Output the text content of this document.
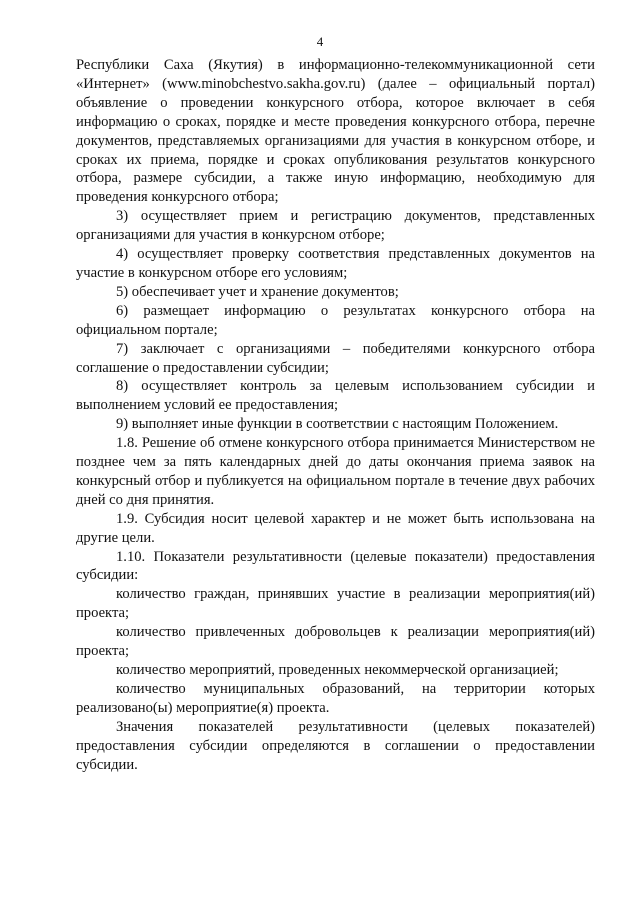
4

Республики Саха (Якутия) в информационно-телекоммуникационной сети «Интернет» (www.minobchestvo.sakha.gov.ru) (далее – официальный портал) объявление о проведении конкурсного отбора, которое включает в себя информацию о сроках, порядке и месте проведения конкурсного отбора, перечне документов, представляемых организациями для участия в конкурсном отборе, и сроках их приема, порядке и сроках опубликования результатов конкурсного отбора, размере субсидии, а также иную информацию, необходимую для проведения конкурсного отбора;

3) осуществляет прием и регистрацию документов, представленных организациями для участия в конкурсном отборе;

4) осуществляет проверку соответствия представленных документов на участие в конкурсном отборе его условиям;

5) обеспечивает учет и хранение документов;

6) размещает информацию о результатах конкурсного отбора на официальном портале;

7) заключает с организациями – победителями конкурсного отбора соглашение о предоставлении субсидии;

8) осуществляет контроль за целевым использованием субсидии и выполнением условий ее предоставления;

9) выполняет иные функции в соответствии с настоящим Положением.

1.8. Решение об отмене конкурсного отбора принимается Министерством не позднее чем за пять календарных дней до даты окончания приема заявок на конкурсный отбор и публикуется на официальном портале в течение двух рабочих дней со дня принятия.

1.9. Субсидия носит целевой характер и не может быть использована на другие цели.

1.10. Показатели результативности (целевые показатели) предоставления субсидии:

количество граждан, принявших участие в реализации мероприятия(ий) проекта;

количество привлеченных добровольцев к реализации мероприятия(ий) проекта;

количество мероприятий, проведенных некоммерческой организацией;

количество муниципальных образований, на территории которых реализовано(ы) мероприятие(я) проекта.

Значения показателей результативности (целевых показателей) предоставления субсидии определяются в соглашении о предоставлении субсидии.
